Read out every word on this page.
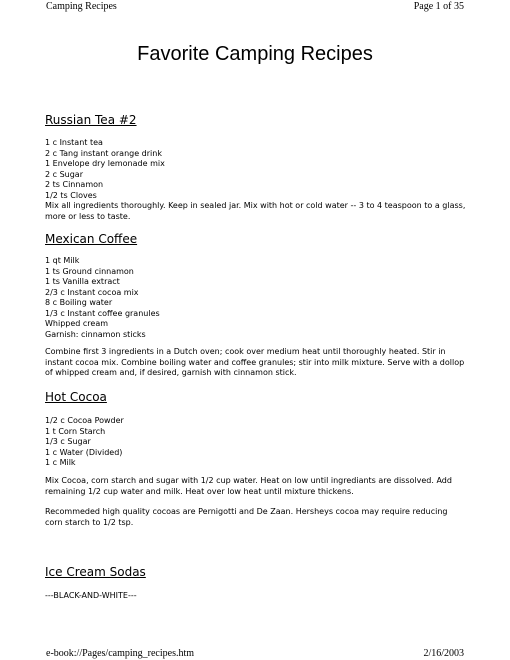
Camping Recipes	Page 1 of 35
Favorite Camping Recipes
Russian Tea #2
1 c Instant tea
2 c Tang instant orange drink
1 Envelope dry lemonade mix
2 c Sugar
2 ts Cinnamon
1/2 ts Cloves

Mix all ingredients thoroughly. Keep in sealed jar. Mix with hot or cold water -- 3 to 4 teaspoon to a glass, more or less to taste.

Mexican Coffee
1 qt Milk
1 ts Ground cinnamon
1 ts Vanilla extract
2/3 c Instant cocoa mix
8 c Boiling water
1/3 c Instant coffee granules
Whipped cream
Garnish: cinnamon sticks

Combine first 3 ingredients in a Dutch oven; cook over medium heat until thoroughly heated. Stir in instant cocoa mix. Combine boiling water and coffee granules; stir into milk mixture. Serve with a dollop of whipped cream and, if desired, garnish with cinnamon stick.

Hot Cocoa
1/2 c Cocoa Powder
1 t Corn Starch
1/3 c Sugar
1 c Water (Divided)
1 c Milk

Mix Cocoa, corn starch and sugar with 1/2 cup water. Heat on low until ingrediants are dissolved. Add remaining 1/2 cup water and milk. Heat over low heat until mixture thickens.

Recommeded high quality cocoas are Pernigotti and De Zaan. Hersheys cocoa may require reducing corn starch to 1/2 tsp.

Ice Cream Sodas

---BLACK-AND-WHITE---

e-book://Pages/camping_recipes.htm	2/16/2003
